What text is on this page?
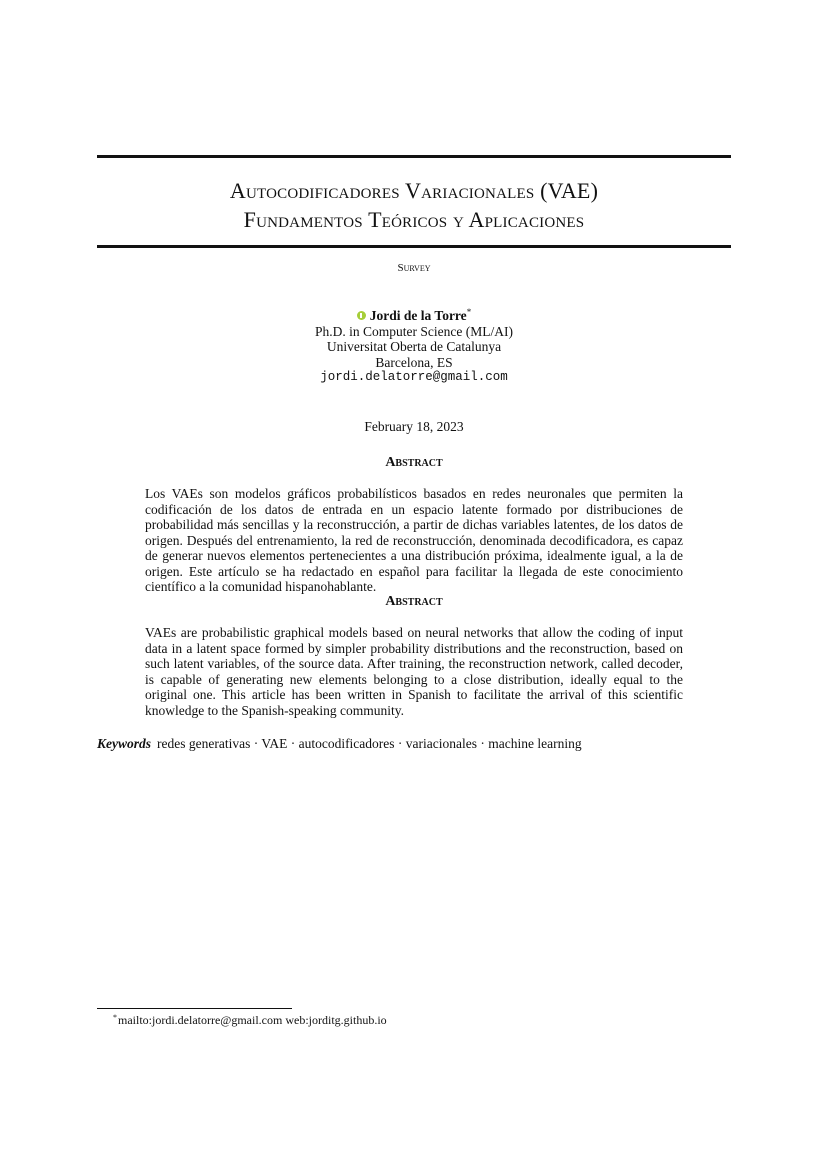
Autocodificadores Variacionales (VAE)
Fundamentos Teóricos y Aplicaciones
Survey
Jordi de la Torre*
Ph.D. in Computer Science (ML/AI)
Universitat Oberta de Catalunya
Barcelona, ES
jordi.delatorre@gmail.com
February 18, 2023
Abstract
Los VAEs son modelos gráficos probabilísticos basados en redes neuronales que permiten la codificación de los datos de entrada en un espacio latente formado por distribuciones de probabilidad más sencillas y la reconstrucción, a partir de dichas variables latentes, de los datos de origen. Después del entrenamiento, la red de reconstrucción, denominada decodificadora, es capaz de generar nuevos elementos pertenecientes a una distribución próxima, idealmente igual, a la de origen. Este artículo se ha redactado en español para facilitar la llegada de este conocimiento científico a la comunidad hispanohablante.
Abstract
VAEs are probabilistic graphical models based on neural networks that allow the coding of input data in a latent space formed by simpler probability distributions and the reconstruction, based on such latent variables, of the source data. After training, the reconstruction network, called decoder, is capable of generating new elements belonging to a close distribution, ideally equal to the original one. This article has been written in Spanish to facilitate the arrival of this scientific knowledge to the Spanish-speaking community.
Keywords redes generativas · VAE · autocodificadores · variacionales · machine learning
*mailto:jordi.delatorre@gmail.com web:jorditg.github.io
